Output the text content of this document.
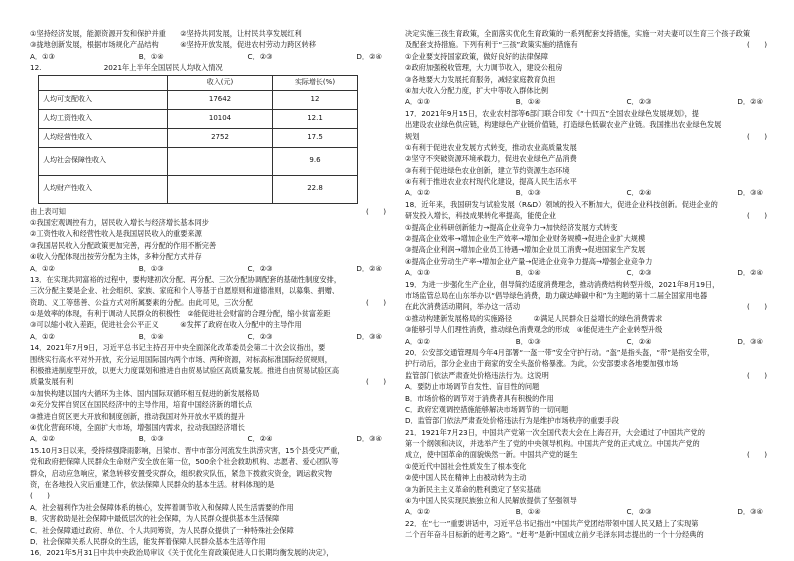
①坚持经济发展，能源资源开发和保护并重　　②坚持共同发展，让村民共享发展红利
③拢地创新发展，根据市场规化产品结构　　　④坚持开放发展，促进农村劳动力跨区转移
A．①③	B．①④	C．②③	D．②④
12.	2021年上半年全国居民人均收入情况
	收入(元)	实际增长(%)
人均可支配收入	17642	12
人均工资性收入	10104	12.1
人均经营性收入	2752	17.5
人均社会保障性收入		9.6
人均财产性收入		22.8
由上表可知	(　　)
①我国宏观调控有力，居民收入增长与经济增长基本同步
②工资性收入和经营性收入是我国居民收入的重要来源
③我国居民收入分配政策更加完善，再分配的作用不断完善
④收入分配体现出按劳分配为主体，多种分配方式并存
A．①②	B．①③	C．②③	D．②④
13．在实现共同富裕的过程中，要构建初次分配、再分配、三次分配协调配套的基础性制度安排，
三次分配主要是企业、社会组织、家族、家庭和个人等基于自愿原则和道德准则，以募集、捐赠、
资助、义工等慈善、公益方式对所属要素的分配。由此可见，三次分配	(　　)
①是效率的体现，有利于调动人民群众的积极性　②能促进社会财富的合理分配，缩小贫富差距
③可以缩小收入差距，促进社会公平正义　　　④发挥了政府在收入分配中的主导作用
A．①②	B．①④	C．②③	D．③④
14．2021年7月9日，习近平总书记主持召开中央全面深化改革委员会第二十次会议指出，要
围绕实行高水平对外开放，充分运用国际国内两个市场、两种资源，对标高标准国际经贸规则，
积极推进制度型开放，以更大力度谋划和推进自由贸易试验区高质量发展。推进自由贸易试验区高
质量发展有利	(　　)
①加快构建以国内大循环为主体、国内国际双循环相互促进的新发展格局
②充分发挥自贸区在国民经济中的主导作用，培育中国经济新的增长点
③推进自贸区更大开放和制度创新，推动我国对外开放水平质的提升
④优化营商环境，全面扩大市场，增强国内需求，拉动我国经济增长
A．①②	B．①③	C．②④	D．③④
15.10月3日以来，受持续强降雨影响，吕梁市、晋中市部分河流发生洪涝灾害，15个县受灾严重，
党和政府把保障人民群众生命财产安全放在第一位，500余个社会救助机构、志愿者、爱心团队等
群众，启动应急响应，紧急转移安置受灾群众，组织救灾队伍，紧急下拨救灾资金，调运救灾物
资，在各地投入灾后重建工作，依法保障人民群众的基本生活。材料体现的是
(　　)
A．社会福利作为社会保障体系的核心，发挥着调节收入和保障人民生活需要的作用
B．灾害救助是社会保障中最低层次的社会保障，为人民群众提供基本生活保障
C．社会保障通过政府、单位、个人共同筹资，为人民群众提供了一种特殊社会保障
D．社会保障关系人民群众的生活，能发挥着保障人民群众基本生活等作用
16．2021年5月31日中共中央政治局审议《关于优化生育政策促进人口长期均衡发展的决定》，
决定实施三孩生育政策，全面落实优化生育政策的一系列配套支持措施，实施一对夫妻可以生育三个孩子政策
及配套支持措施。下列有利于“三孩”政策实施的措施有	(　　)
①企业要支持国家政策，做好良好的法律保障
②政府加强税收管理，大力调节收入，建设公租房
③各地要大力发展托育服务，减轻家庭教育负担
④加大收入分配力度，扩大中等收入群体比例
A．①③	B．①④	C．②③	D．②④
17．2021年9月15日，农业农村部等6部门联合印发《“十四五”全国农业绿色发展规划》，提
出建设农业绿色供应链，构建绿色产业链价值链，打造绿色低碳农业产业链。我国推出农业绿色发展
规划	(　　)
①有利于促进农业发展方式转变，推动农业高质量发展
②坚守不突破资源环境承载力，促进农业绿色产品消费
③有利于促进绿色农业创新，建立节约资源生态环境
④有利于推进农业农村现代化建设，提高人民生活水平
A．①②	B．①③	C．②④	D．③④
18．近年来，我国研发与试验发展（R&D）领域的投入不断加大，促进企业科技创新。促进企业的
研发投入增长，科技成果转化率提高，能使企业	(　　)
①提高企业科研创新能力→提高企业竞争力→加快经济发展方式转变
②提高企业效率→增加企业生产效率→增加企业财务规模→促进企业扩大规模
③提高企业利润→增加企业员工待遇→增加企业员工消费→促进国家生产发展
④提高企业劳动生产率→增加企业产量→促进企业竞争力提高→增强企业竞争力
A．①③	B．①④	C．②③	D．②④
19．为进一步强化生产企业，倡导简约适度消费理念，推动消费结构转型升级，2021年8月19日，
市场监管总局在山东举办以“倡导绿色消费，助力碳达峰碳中和”为主题的第十二届全国家用电器
在此次消费活动期间，举办这一活动	(　　)
①推动构建新发展格局的实施路径　　　②满足人民群众日益增长的绿色消费需求
③能够引导人们理性消费，推动绿色消费观念的形成　④能促进生产企业转型升级
A．①②	B．①③	C．②④	D．③④
20．公安部交通管理局今年4月部署“一盔一带”安全守护行动。“盔”是指头盔，“带”是指安全带，
护行动后，部分企业由于商家的安全头盔价格暴涨。为此，公安部要求各地要加强市场
监管部门依法严肃查处价格违法行为。这说明	(　　)
A．要防止市场调节自发性、盲目性的问题
B．市场价格的调节对于消费者具有积极的作用
C．政府宏观调控措施能够解决市场调节的一切问题
D．监管部门依法严肃查处价格违法行为是维护市场秩序的重要手段
21．1921年7月23日，中国共产党第一次全国代表大会在上海召开，大会通过了中国共产党的
第一个纲领和决议，并选举产生了党的中央领导机构。中国共产党的正式成立。中国共产党的
成立，使中国革命的面貌焕然一新。中国共产党的诞生	(　　)
①使近代中国社会性质发生了根本变化
②使中国人民在精神上由被动转为主动
③为新民主主义革命的胜利奠定了坚实基础
④为中国人民实现民族独立和人民解放提供了坚强领导
A．①②	B．①④	C．②③	D．③④
22．在“七一”重要讲话中，习近平总书记指出“中国共产党团结带领中国人民又踏上了实现第
二个百年奋斗目标新的赶考之路”。“赶考”是新中国成立前夕毛泽东同志提出的一个十分经典的
